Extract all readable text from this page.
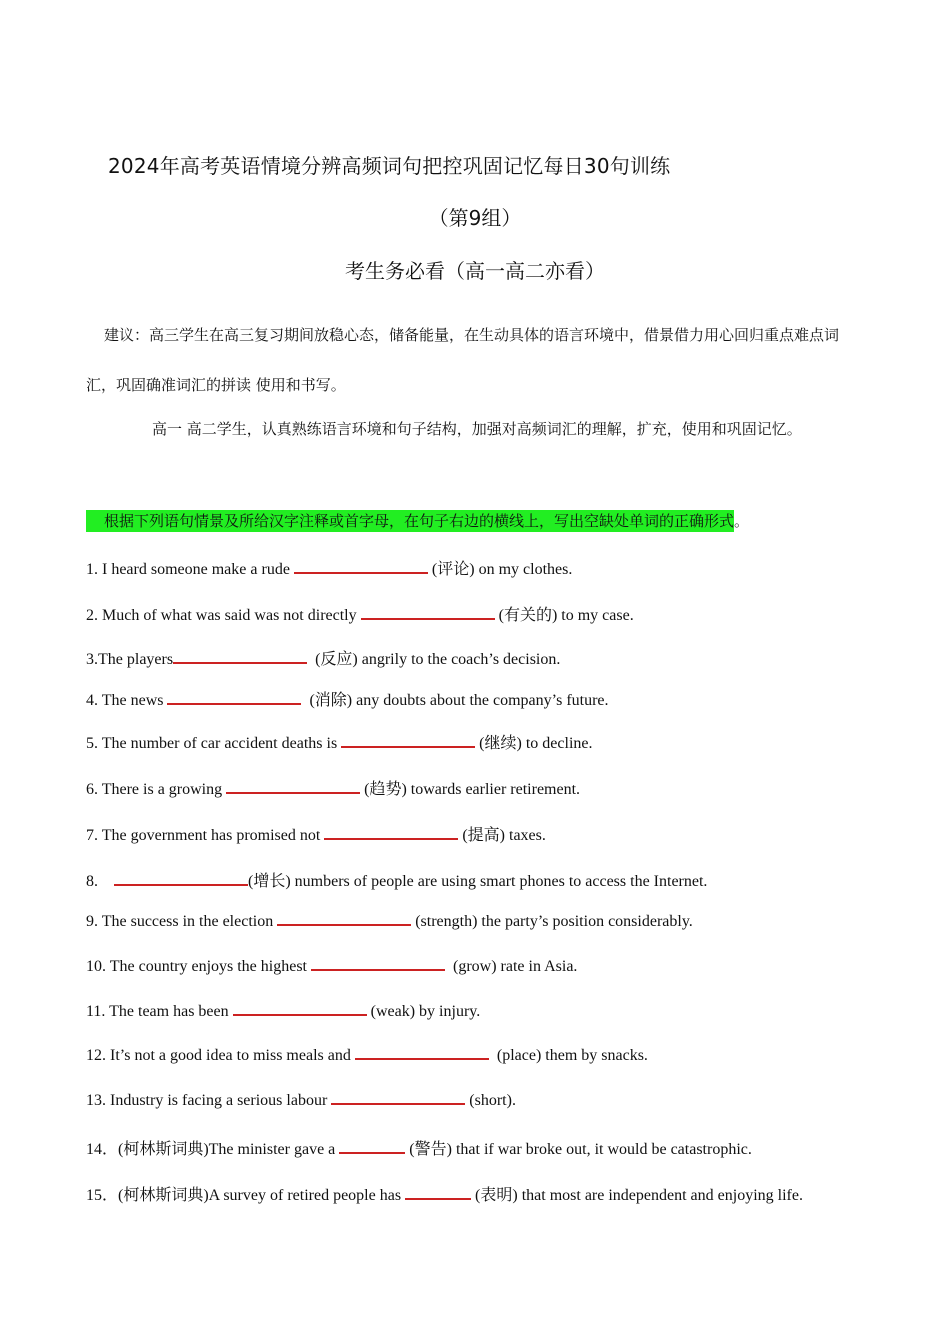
2024年高考英语情境分辨高频词句把控巩固记忆每日30句训练
（第9组）
考生务必看（高一高二亦看）
建议：高三学生在高三复习期间放稳心态，储备能量，在生动具体的语言环境中，借景借力用心回归重点难点词汇，巩固确准词汇的拼读 使用和书写。
高一 高二学生，认真熟练语言环境和句子结构，加强对高频词汇的理解，扩充，使用和巩固记忆。
根据下列语句情景及所给汉字注释或首字母，在句子右边的横线上，写出空缺处单词的正确形式。
1. I heard someone make a rude	(评论) on my clothes.
2. Much of what was said was not directly	(有关的) to my case.
3.The players	(反应) angrily to the coach’s decision.
4. The news	(消除) any doubts about the company’s future.
5. The number of car accident deaths is	(继续) to decline.
6. There is a growing	(趋势) towards earlier retirement.
7. The government has promised not	(提高) taxes.
8.	(增长) numbers of people are using smart phones to access the Internet.
9. The success in the election	(strength) the party’s position considerably.
10. The country enjoys the highest	(grow) rate in Asia.
11. The team has been	(weak) by injury.
12. It’s not a good idea to miss meals and	(place) them by snacks.
13. Industry is facing a serious labour	(short).
14．(柯林斯词典)The minister gave a	(警告) that if war broke out, it would be catastrophic.
15．(柯林斯词典)A survey of retired people has	(表明) that most are independent and enjoying life.
